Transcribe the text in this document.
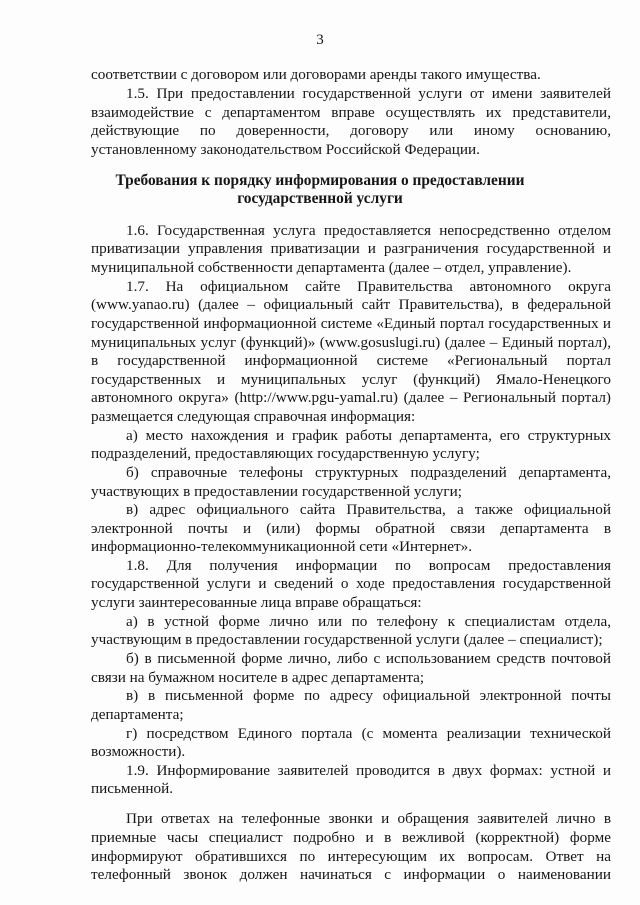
3
соответствии с договором или договорами аренды такого имущества.
1.5. При предоставлении государственной услуги от имени заявителей
взаимодействие с департаментом вправе осуществлять их представители,
действующие по доверенности, договору или иному основанию,
установленному законодательством Российской Федерации.
Требования к порядку информирования о предоставлении
государственной услуги
1.6. Государственная услуга предоставляется непосредственно отделом
приватизации управления приватизации и разграничения государственной и
муниципальной собственности департамента (далее – отдел, управление).
1.7. На официальном сайте Правительства автономного округа
(www.yanao.ru) (далее – официальный сайт Правительства), в федеральной
государственной информационной системе «Единый портал государственных и
муниципальных услуг (функций)» (www.gosuslugi.ru) (далее – Единый портал),
в государственной информационной системе «Региональный портал
государственных и муниципальных услуг (функций) Ямало-Ненецкого
автономного округа» (http://www.pgu-yamal.ru) (далее – Региональный портал)
размещается следующая справочная информация:
а) место нахождения и график работы департамента, его структурных
подразделений, предоставляющих государственную услугу;
б) справочные телефоны структурных подразделений департамента,
участвующих в предоставлении государственной услуги;
в) адрес официального сайта Правительства, а также официальной
электронной почты и (или) формы обратной связи департамента в
информационно-телекоммуникационной сети «Интернет».
1.8. Для получения информации по вопросам предоставления
государственной услуги и сведений о ходе предоставления государственной
услуги заинтересованные лица вправе обращаться:
а) в устной форме лично или по телефону к специалистам отдела,
участвующим в предоставлении государственной услуги (далее – специалист);
б) в письменной форме лично, либо с использованием средств почтовой
связи на бумажном носителе в адрес департамента;
в) в письменной форме по адресу официальной электронной почты
департамента;
г) посредством Единого портала (с момента реализации технической
возможности).
1.9. Информирование заявителей проводится в двух формах: устной и
письменной.
При ответах на телефонные звонки и обращения заявителей лично в
приемные часы специалист подробно и в вежливой (корректной) форме
информируют обратившихся по интересующим их вопросам. Ответ на
телефонный звонок должен начинаться с информации о наименовании
